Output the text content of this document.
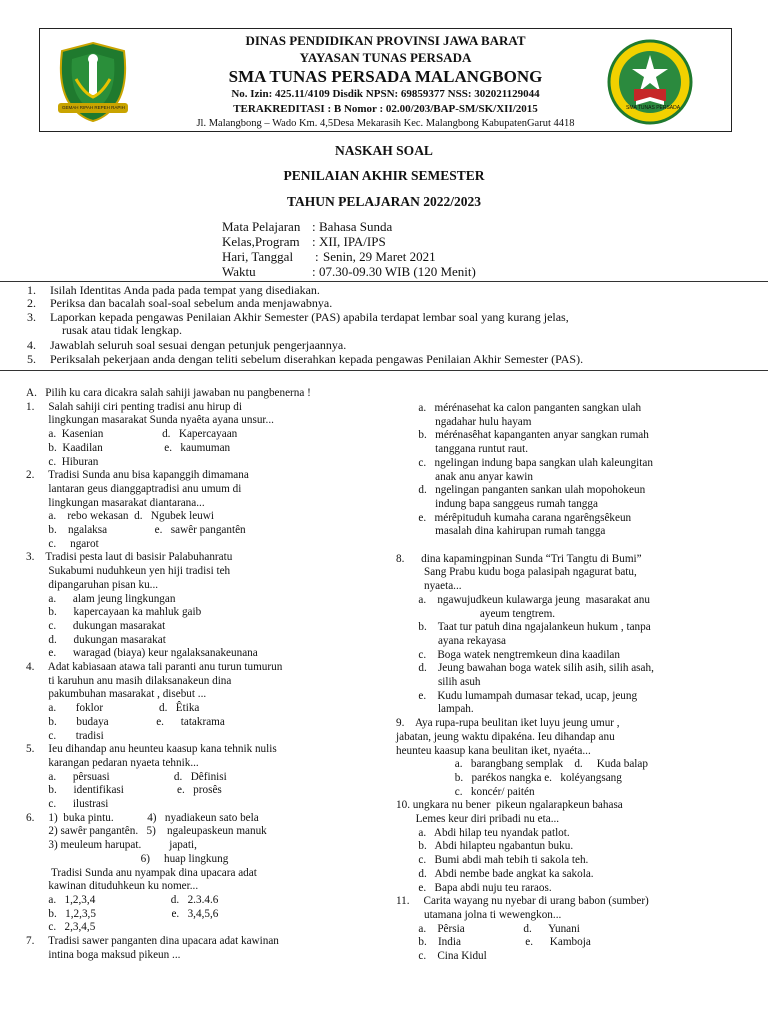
GEMAH RIPAH REPEH RAPIH
DINAS PENDIDIKAN PROVINSI JAWA BARAT
YAYASAN TUNAS PERSADA
SMA TUNAS PERSADA MALANGBONG
No. Izin: 425.11/4109 Disdik NPSN: 69859377 NSS: 302021129044
TERAKREDITASI : B Nomor : 02.00/203/BAP-SM/SK/XII/2015
Jl. Malangbong – Wado Km. 4,5Desa Mekarasih Kec. Malangbong KabupatenGarut 4418
SMA TUNAS PERSADA
NASKAH SOAL
PENILAIAN AKHIR SEMESTER
TAHUN PELAJARAN 2022/2023
Mata Pelajaran : Bahasa Sunda
Kelas,Program : XII, IPA/IPS
Hari, Tanggal : Senin, 29 Maret 2021
Waktu	: 07.30-09.30 WIB (120 Menit)
1. Isilah Identitas Anda pada pada tempat yang disediakan.
2. Periksa dan bacalah soal-soal sebelum anda menjawabnya.
3. Laporkan kepada pengawas Penilaian Akhir Semester (PAS) apabila terdapat lembar soal yang kurang jelas,
rusak atau tidak lengkap.
4. Jawablah seluruh soal sesuai dengan petunjuk pengerjaannya.
5. Periksalah pekerjaan anda dengan teliti sebelum diserahkan kepada pengawas Penilaian Akhir Semester (PAS).
A.   Pilih ku cara dicakra salah sahiji jawaban nu pangbenerna !
1.     Salah sahiji ciri penting tradisi anu hirup di
lingkungan masarakat Sunda nyaêta ayana unsur...
a.  Kasenian                     d.   Kapercayaan
b.  Kaadilan                      e.   kaumuman
c.  Hiburan
2.     Tradisi Sunda anu bisa kapanggih dimamana
lantaran geus dianggaptradisi anu umum di
lingkungan masarakat diantarana...
a.    rebo wekasan  d.   Ngubek leuwi
b.    ngalaksa                 e.   sawêr pangantên
c.     ngarot
3.    Tradisi pesta laut di basisir Palabuhanratu
Sukabumi nuduhkeun yen hiji tradisi teh
dipangaruhan pisan ku...
a.      alam jeung lingkungan
b.      kapercayaan ka mahluk gaib
c.      dukungan masarakat
d.      dukungan masarakat
e.      waragad (biaya) keur ngalaksanakeunana
4.     Adat kabiasaan atawa tali paranti anu turun tumurun
ti karuhun anu masih dilaksanakeun dina
pakumbuhan masarakat , disebut ...
a.       foklor                    d.   Êtika
b.       budaya                 e.      tatakrama
c.       tradisi
5.     Ieu dihandap anu heunteu kaasup kana tehnik nulis
karangan pedaran nyaeta tehnik...
a.      pêrsuasi                       d.   Dêfinisi
b.      identifikasi                   e.   prosês
c.      ilustrasi
6.     1)  buka pintu.            4)   nyadiakeun sato bela
2) sawêr pangantên.   5)    ngaleupaskeun manuk
3) meuleum harupat.          japati,
6)     huap lingkung
Tradisi Sunda anu nyampak dina upacara adat
kawinan dituduhkeun ku nomer...
a.   1,2,3,4                           d.   2.3.4.6
b.   1,2,3,5                           e.   3,4,5,6
c.   2,3,4,5
7.     Tradisi sawer panganten dina upacara adat kawinan
intina boga maksud pikeun ...
a.   mérénasehat ka calon panganten sangkan ulah
ngadahar hulu hayam
b.   mérénasêhat kapanganten anyar sangkan rumah
tanggana runtut raut.
c.   ngelingan indung bapa sangkan ulah kaleungitan
anak anu anyar kawin
d.   ngelingan panganten sankan ulah mopohokeun
indung bapa sanggeus rumah tangga
e.   mérêpituduh kumaha carana ngarêngsêkeun
masalah dina kahirupan rumah tangga
8.      dina kapamingpinan Sunda “Tri Tangtu di Bumi”
Sang Prabu kudu boga palasipah ngagurat batu,
nyaeta...
a.    ngawujudkeun kulawarga jeung  masarakat anu
ayeum tengtrem.
b.    Taat tur patuh dina ngajalankeun hukum , tanpa
ayana rekayasa
c.    Boga watek nengtremkeun dina kaadilan
d.    Jeung bawahan boga watek silih asih, silih asah,
silih asuh
e.    Kudu lumampah dumasar tekad, ucap, jeung
lampah.
9.    Aya rupa-rupa beulitan iket luyu jeung umur ,
jabatan, jeung waktu dipakéna. Ieu dihandap anu
heunteu kaasup kana beulitan iket, nyaéta...
a.   barangbang semplak    d.     Kuda balap
b.   parékos nangka e.   koléyangsang
c.   koncér/ paitén
10. ungkara nu bener  pikeun ngalarapkeun bahasa
Lemes keur diri pribadi nu eta...
a.   Abdi hilap teu nyandak patlot.
b.   Abdi hilapteu ngabantun buku.
c.   Bumi abdi mah tebih ti sakola teh.
d.   Abdi nembe bade angkat ka sakola.
e.   Bapa abdi nuju teu raraos.
11.     Carita wayang nu nyebar di urang babon (sumber)
utamana jolna ti wewengkon...
a.    Pêrsia                     d.      Yunani
b.    India                       e.      Kamboja
c.    Cina Kidul
